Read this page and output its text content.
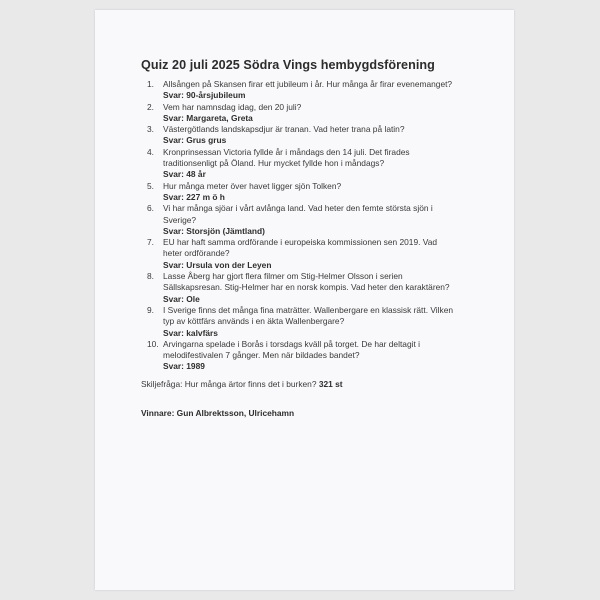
Quiz 20 juli 2025 Södra Vings hembygdsförening
1. Allsången på Skansen firar ett jubileum i år. Hur många år firar evenemanget?
Svar: 90-årsjubileum
2. Vem har namnsdag idag, den 20 juli?
Svar: Margareta, Greta
3. Västergötlands landskapsdjur är tranan. Vad heter trana på latin?
Svar: Grus grus
4. Kronprinsessan Victoria fyllde år i måndags den 14 juli. Det firades
traditionsenligt på Öland. Hur mycket fyllde hon i måndags?
Svar: 48 år
5. Hur många meter över havet ligger sjön Tolken?
Svar: 227 m ö h
6. Vi har många sjöar i vårt avlånga land. Vad heter den femte största sjön i
Sverige?
Svar: Storsjön (Jämtland)
7. EU har haft samma ordförande i europeiska kommissionen sen 2019. Vad
heter ordförande?
Svar: Ursula von der Leyen
8. Lasse Åberg har gjort flera filmer om Stig-Helmer Olsson i serien
Sällskapsresan. Stig-Helmer har en norsk kompis. Vad heter den karaktären?
Svar: Ole
9. I Sverige finns det många fina maträtter. Wallenbergare en klassisk rätt. Vilken
typ av köttfärs används i en äkta Wallenbergare?
Svar: kalvfärs
10. Arvingarna spelade i Borås i torsdags kväll på torget. De har deltagit i
melodifestivalen 7 gånger. Men när bildades bandet?
Svar: 1989
Skiljefråga: Hur många ärtor finns det i burken? 321 st
Vinnare: Gun Albrektsson, Ulricehamn
